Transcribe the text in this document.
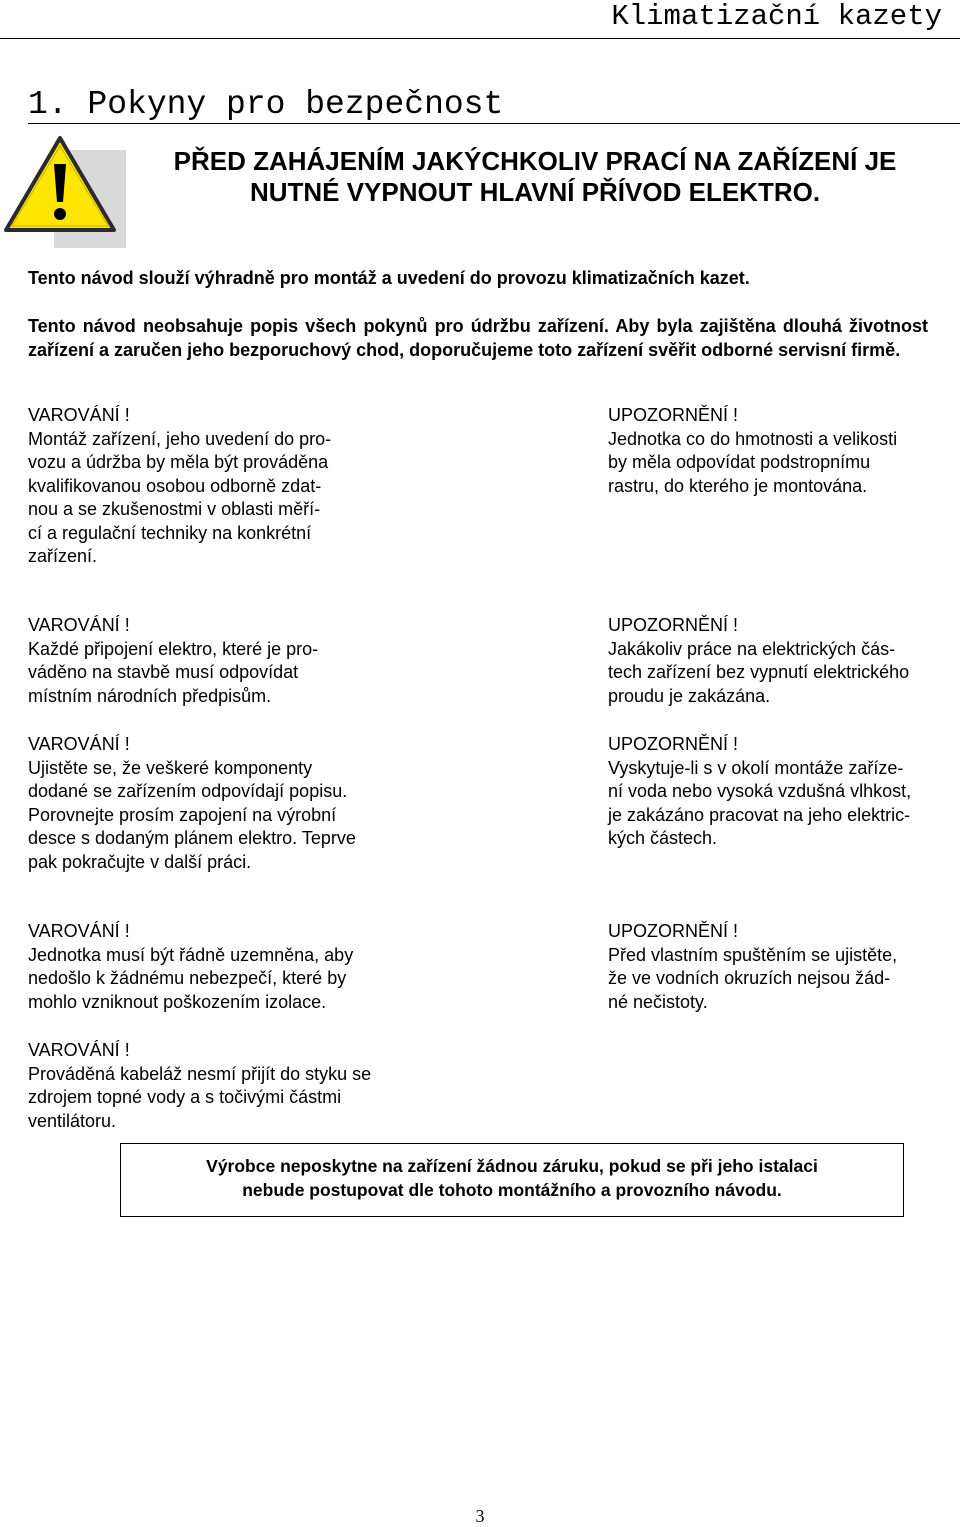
Klimatizační kazety
1. Pokyny pro bezpečnost
PŘED ZAHÁJENÍM JAKÝCHKOLIV PRACÍ NA ZAŘÍZENÍ JE
NUTNÉ VYPNOUT HLAVNÍ PŘÍVOD ELEKTRO.
Tento návod slouží výhradně pro montáž a uvedení do provozu klimatizačních kazet.
Tento návod neobsahuje popis všech pokynů pro údržbu zařízení. Aby byla zajištěna dlouhá životnost zařízení a zaručen jeho bezporuchový chod, doporučujeme toto zařízení svěřit odborné servisní firmě.
VAROVÁNÍ !
Montáž zařízení, jeho uvedení do pro-
vozu a údržba by měla být prováděna
kvalifikovanou osobou odborně zdat-
nou a se zkušenostmi v oblasti měří-
cí a regulační techniky na konkrétní
zařízení.
VAROVÁNÍ !
Každé připojení elektro, které je pro-
váděno na stavbě musí odpovídat
místním národních předpisům.
VAROVÁNÍ !
Ujistěte se, že veškeré komponenty
dodané se zařízením odpovídají popisu.
Porovnejte prosím zapojení na výrobní
desce s dodaným plánem elektro. Teprve
pak pokračujte v další práci.
VAROVÁNÍ !
Jednotka musí být řádně uzemněna, aby
nedošlo k žádnému nebezpečí, které by
mohlo vzniknout poškozením izolace.
VAROVÁNÍ !
Prováděná kabeláž nesmí přijít do styku se
zdrojem topné vody a s točivými částmi
ventilátoru.
UPOZORNĚNÍ !
Jednotka co do hmotnosti a velikosti
by měla odpovídat podstropnímu
rastru, do kterého je montována.
UPOZORNĚNÍ !
Jakákoliv práce na elektrických čás-
tech zařízení bez vypnutí elektrického
proudu je zakázána.
UPOZORNĚNÍ !
Vyskytuje-li s v okolí montáže zaříze-
ní voda nebo vysoká vzdušná vlhkost,
je zakázáno pracovat na jeho elektric-
kých částech.
UPOZORNĚNÍ !
Před vlastním spuštěním se ujistěte,
že ve vodních okruzích nejsou žád-
né nečistoty.
Výrobce neposkytne na zařízení žádnou záruku, pokud se při jeho istalaci
nebude postupovat dle tohoto montážního a provozního návodu.
3
